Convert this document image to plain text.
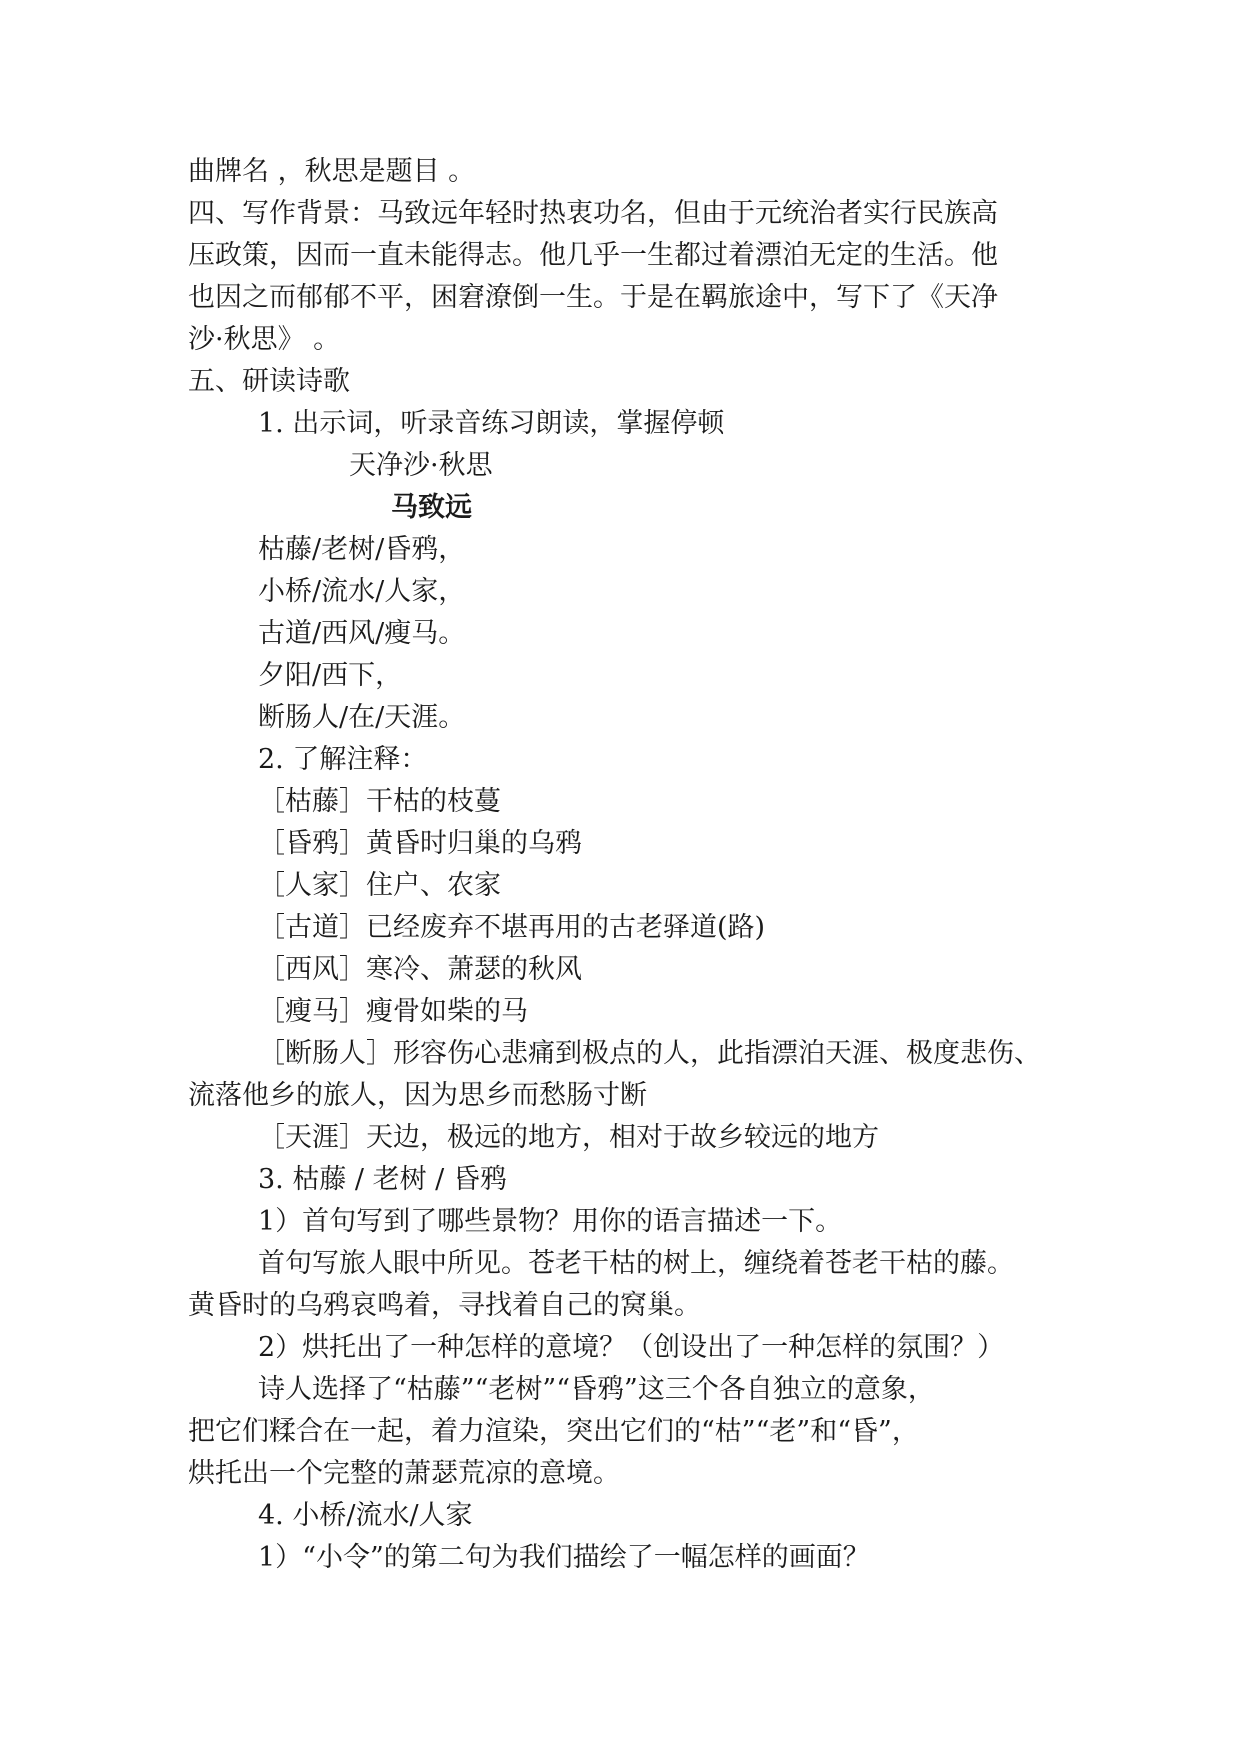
曲牌名 ，秋思是题目 。
四、写作背景：马致远年轻时热衷功名，但由于元统治者实行民族高
压政策，因而一直未能得志。他几乎一生都过着漂泊无定的生活。他
也因之而郁郁不平，困窘潦倒一生。于是在羁旅途中，写下了《天净
沙·秋思》 。
五、研读诗歌
1. 出示词，听录音练习朗读，掌握停顿
天净沙·秋思
马致远
枯藤/老树/昏鸦，
小桥/流水/人家，
古道/西风/瘦马。
夕阳/西下，
断肠人/在/天涯。
2. 了解注释：
［枯藤］干枯的枝蔓
［昏鸦］黄昏时归巢的乌鸦
［人家］住户、农家
［古道］已经废弃不堪再用的古老驿道(路)
［西风］寒冷、萧瑟的秋风
［瘦马］瘦骨如柴的马
［断肠人］形容伤心悲痛到极点的人，此指漂泊天涯、极度悲伤、
流落他乡的旅人，因为思乡而愁肠寸断
［天涯］天边，极远的地方，相对于故乡较远的地方
3. 枯藤 / 老树 / 昏鸦
1）首句写到了哪些景物？用你的语言描述一下。
首句写旅人眼中所见。苍老干枯的树上，缠绕着苍老干枯的藤。
黄昏时的乌鸦哀鸣着，寻找着自己的窝巢。
2）烘托出了一种怎样的意境？（创设出了一种怎样的氛围？）
诗人选择了“枯藤”“老树”“昏鸦”这三个各自独立的意象，
把它们糅合在一起，着力渲染，突出它们的“枯”“老”和“昏”，
烘托出一个完整的萧瑟荒凉的意境。
4. 小桥/流水/人家
1）“小令”的第二句为我们描绘了一幅怎样的画面？
